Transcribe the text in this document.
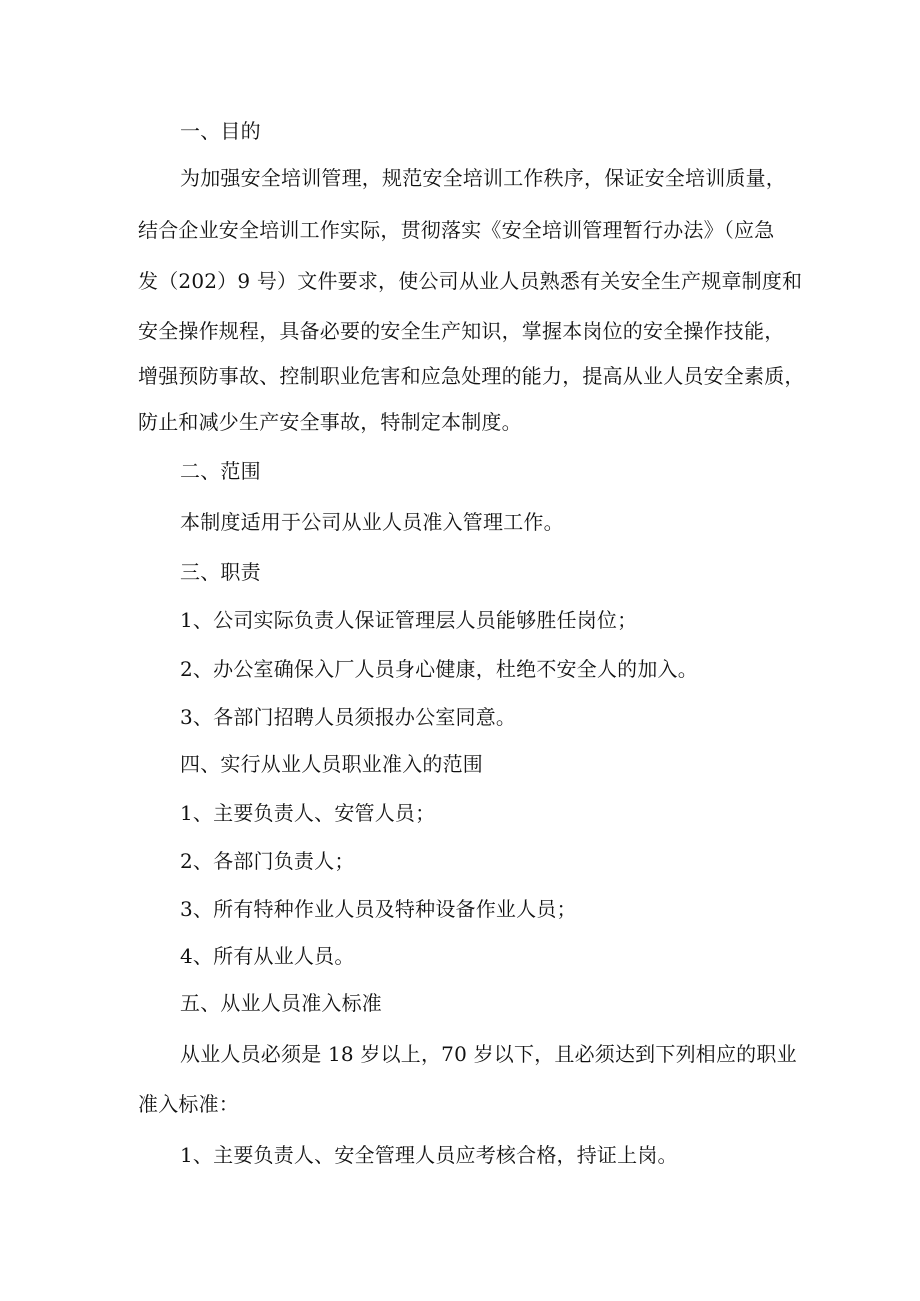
一、目的
为加强安全培训管理，规范安全培训工作秩序，保证安全培训质量，
结合企业安全培训工作实际，贯彻落实《安全培训管理暂行办法》（应急
发（202）9 号）文件要求，使公司从业人员熟悉有关安全生产规章制度和
安全操作规程，具备必要的安全生产知识，掌握本岗位的安全操作技能，
增强预防事故、控制职业危害和应急处理的能力，提高从业人员安全素质，
防止和减少生产安全事故，特制定本制度。
二、范围
本制度适用于公司从业人员准入管理工作。
三、职责
1、公司实际负责人保证管理层人员能够胜任岗位；
2、办公室确保入厂人员身心健康，杜绝不安全人的加入。
3、各部门招聘人员须报办公室同意。
四、实行从业人员职业准入的范围
1、主要负责人、安管人员；
2、各部门负责人；
3、所有特种作业人员及特种设备作业人员；
4、所有从业人员。
五、从业人员准入标准
从业人员必须是 18 岁以上，70 岁以下，且必须达到下列相应的职业
准入标准：
1、主要负责人、安全管理人员应考核合格，持证上岗。
